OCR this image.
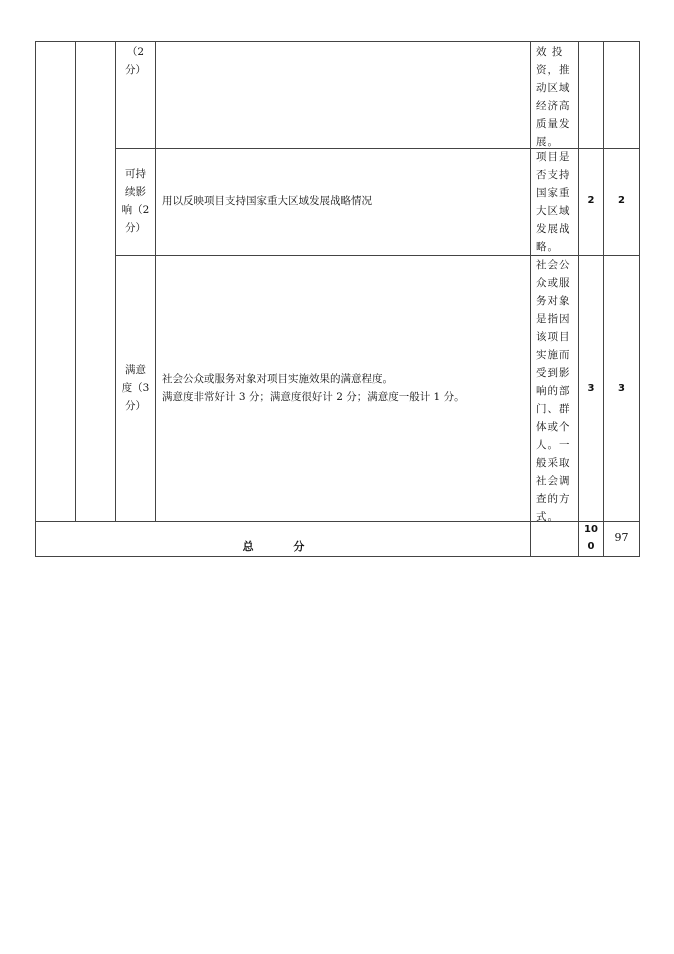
（2
分）
效 投
资，推
动区域
经济高
质量发
展。
可持
续影
响（2
分）
用以反映项目支持国家重大区域发展战略情况
项目是
否支持
国家重
大区域
发展战
略。
2	2
满意
度（3
分）
社会公众或服务对象对项目实施效果的满意程度。
满意度非常好计 3 分；满意度很好计 2 分；满意度一般计 1 分。
社会公
众或服
务对象
是指因
该项目
实施而
受到影
响的部
门、群
体或个
人。一
般采取
社会调
查的方
式。
3	3
总 分
10
0
97
